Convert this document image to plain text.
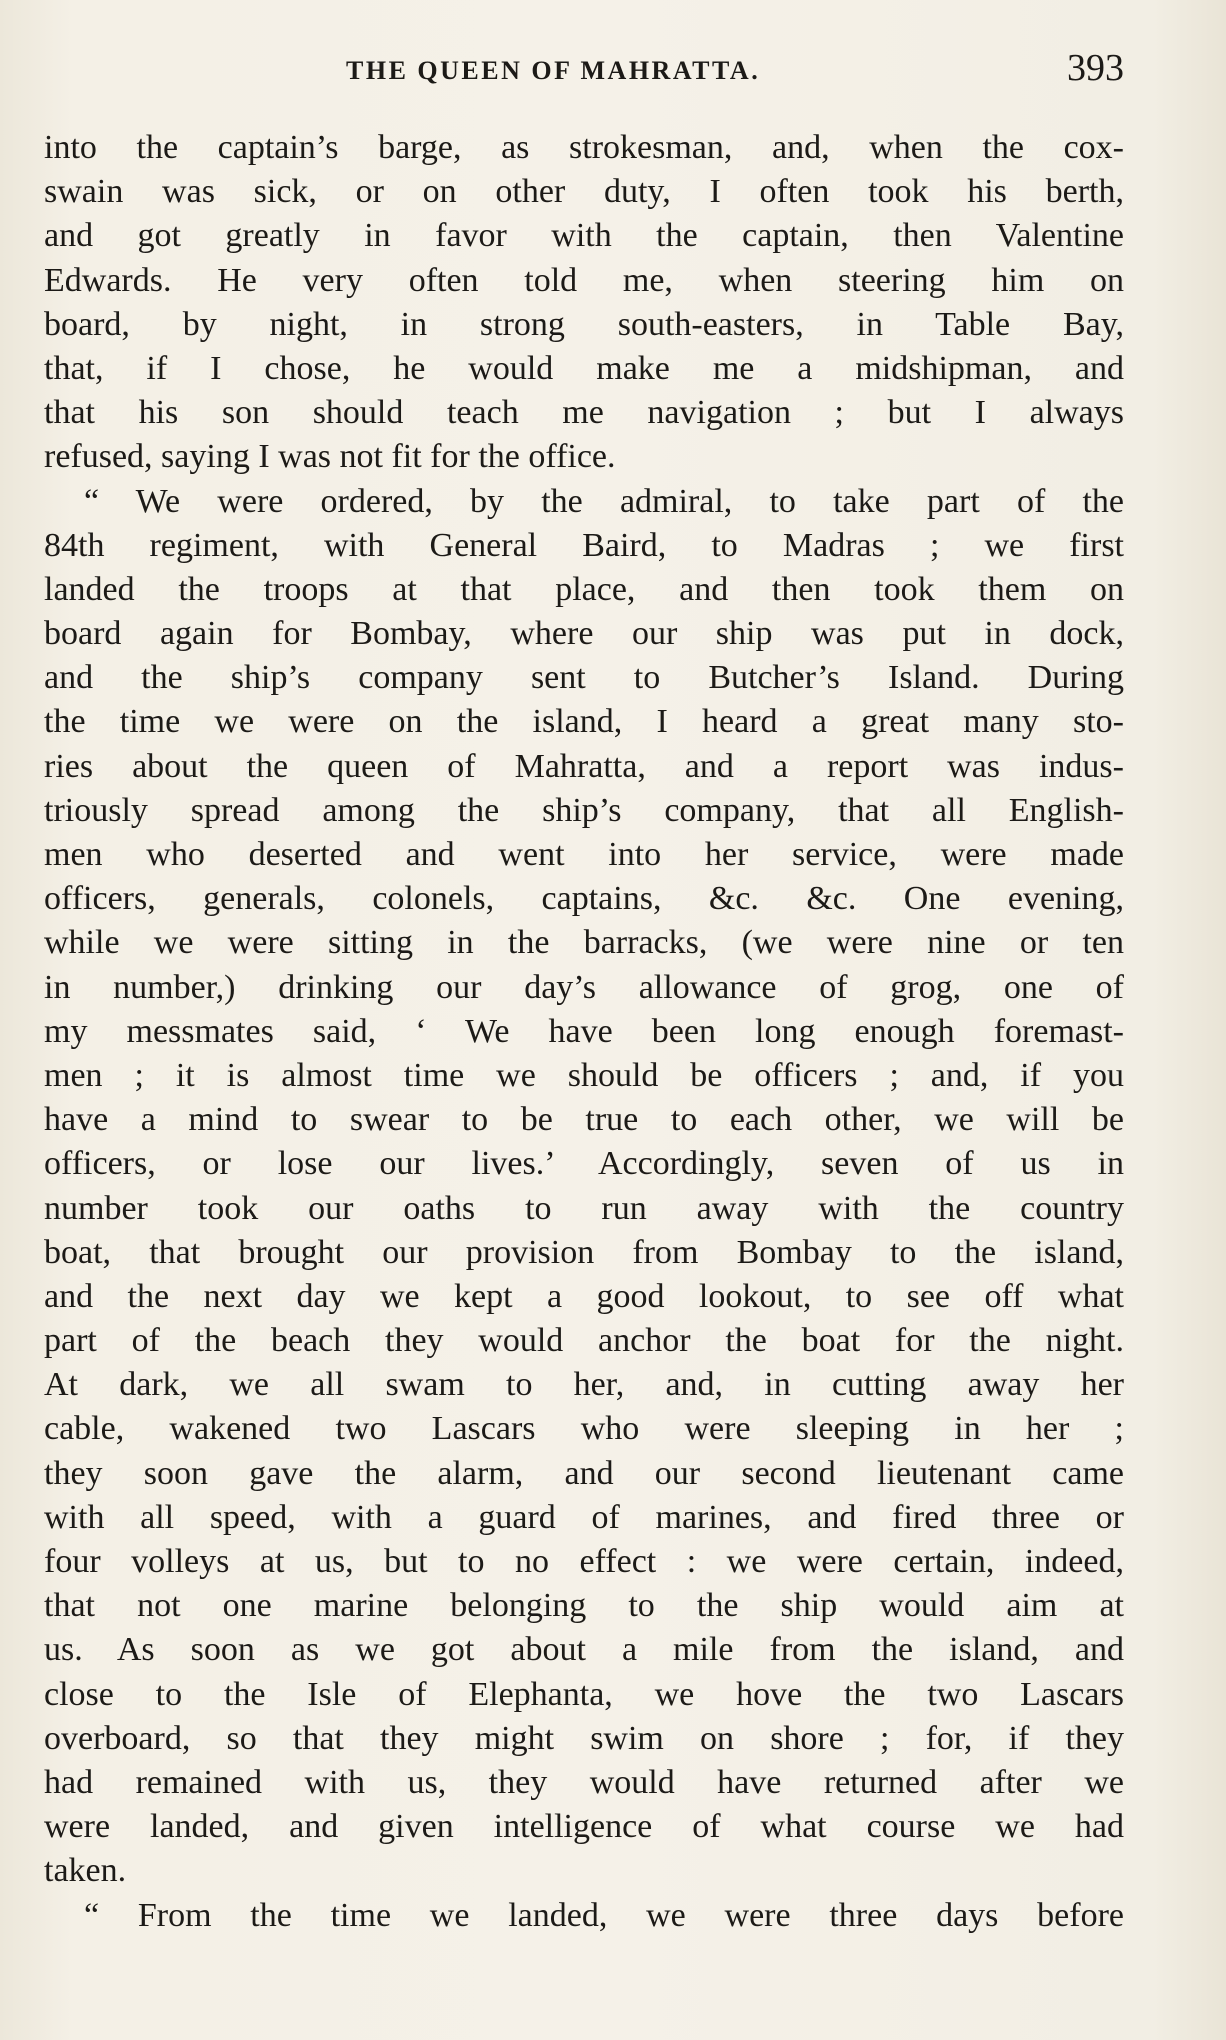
THE QUEEN OF MAHRATTA.	393
into the captain’s barge, as strokesman, and, when the cox-
swain was sick, or on other duty, I often took his berth,
and got greatly in favor with the captain, then Valentine
Edwards. He very often told me, when steering him on
board, by night, in strong south-easters, in Table Bay,
that, if I chose, he would make me a midshipman, and
that his son should teach me navigation ; but I always
refused, saying I was not fit for the office.
“ We were ordered, by the admiral, to take part of the
84th regiment, with General Baird, to Madras ; we first
landed the troops at that place, and then took them on
board again for Bombay, where our ship was put in dock,
and the ship’s company sent to Butcher’s Island. During
the time we were on the island, I heard a great many sto-
ries about the queen of Mahratta, and a report was indus-
triously spread among the ship’s company, that all English-
men who deserted and went into her service, were made
officers, generals, colonels, captains, &c. &c. One evening,
while we were sitting in the barracks, (we were nine or ten
in number,) drinking our day’s allowance of grog, one of
my messmates said, ‘ We have been long enough foremast-
men ; it is almost time we should be officers ; and, if you
have a mind to swear to be true to each other, we will be
officers, or lose our lives.’ Accordingly, seven of us in
number took our oaths to run away with the country
boat, that brought our provision from Bombay to the island,
and the next day we kept a good lookout, to see off what
part of the beach they would anchor the boat for the night.
At dark, we all swam to her, and, in cutting away her
cable, wakened two Lascars who were sleeping in her ;
they soon gave the alarm, and our second lieutenant came
with all speed, with a guard of marines, and fired three or
four volleys at us, but to no effect : we were certain, indeed,
that not one marine belonging to the ship would aim at
us. As soon as we got about a mile from the island, and
close to the Isle of Elephanta, we hove the two Lascars
overboard, so that they might swim on shore ; for, if they
had remained with us, they would have returned after we
were landed, and given intelligence of what course we had
taken.
“ From the time we landed, we were three days before
